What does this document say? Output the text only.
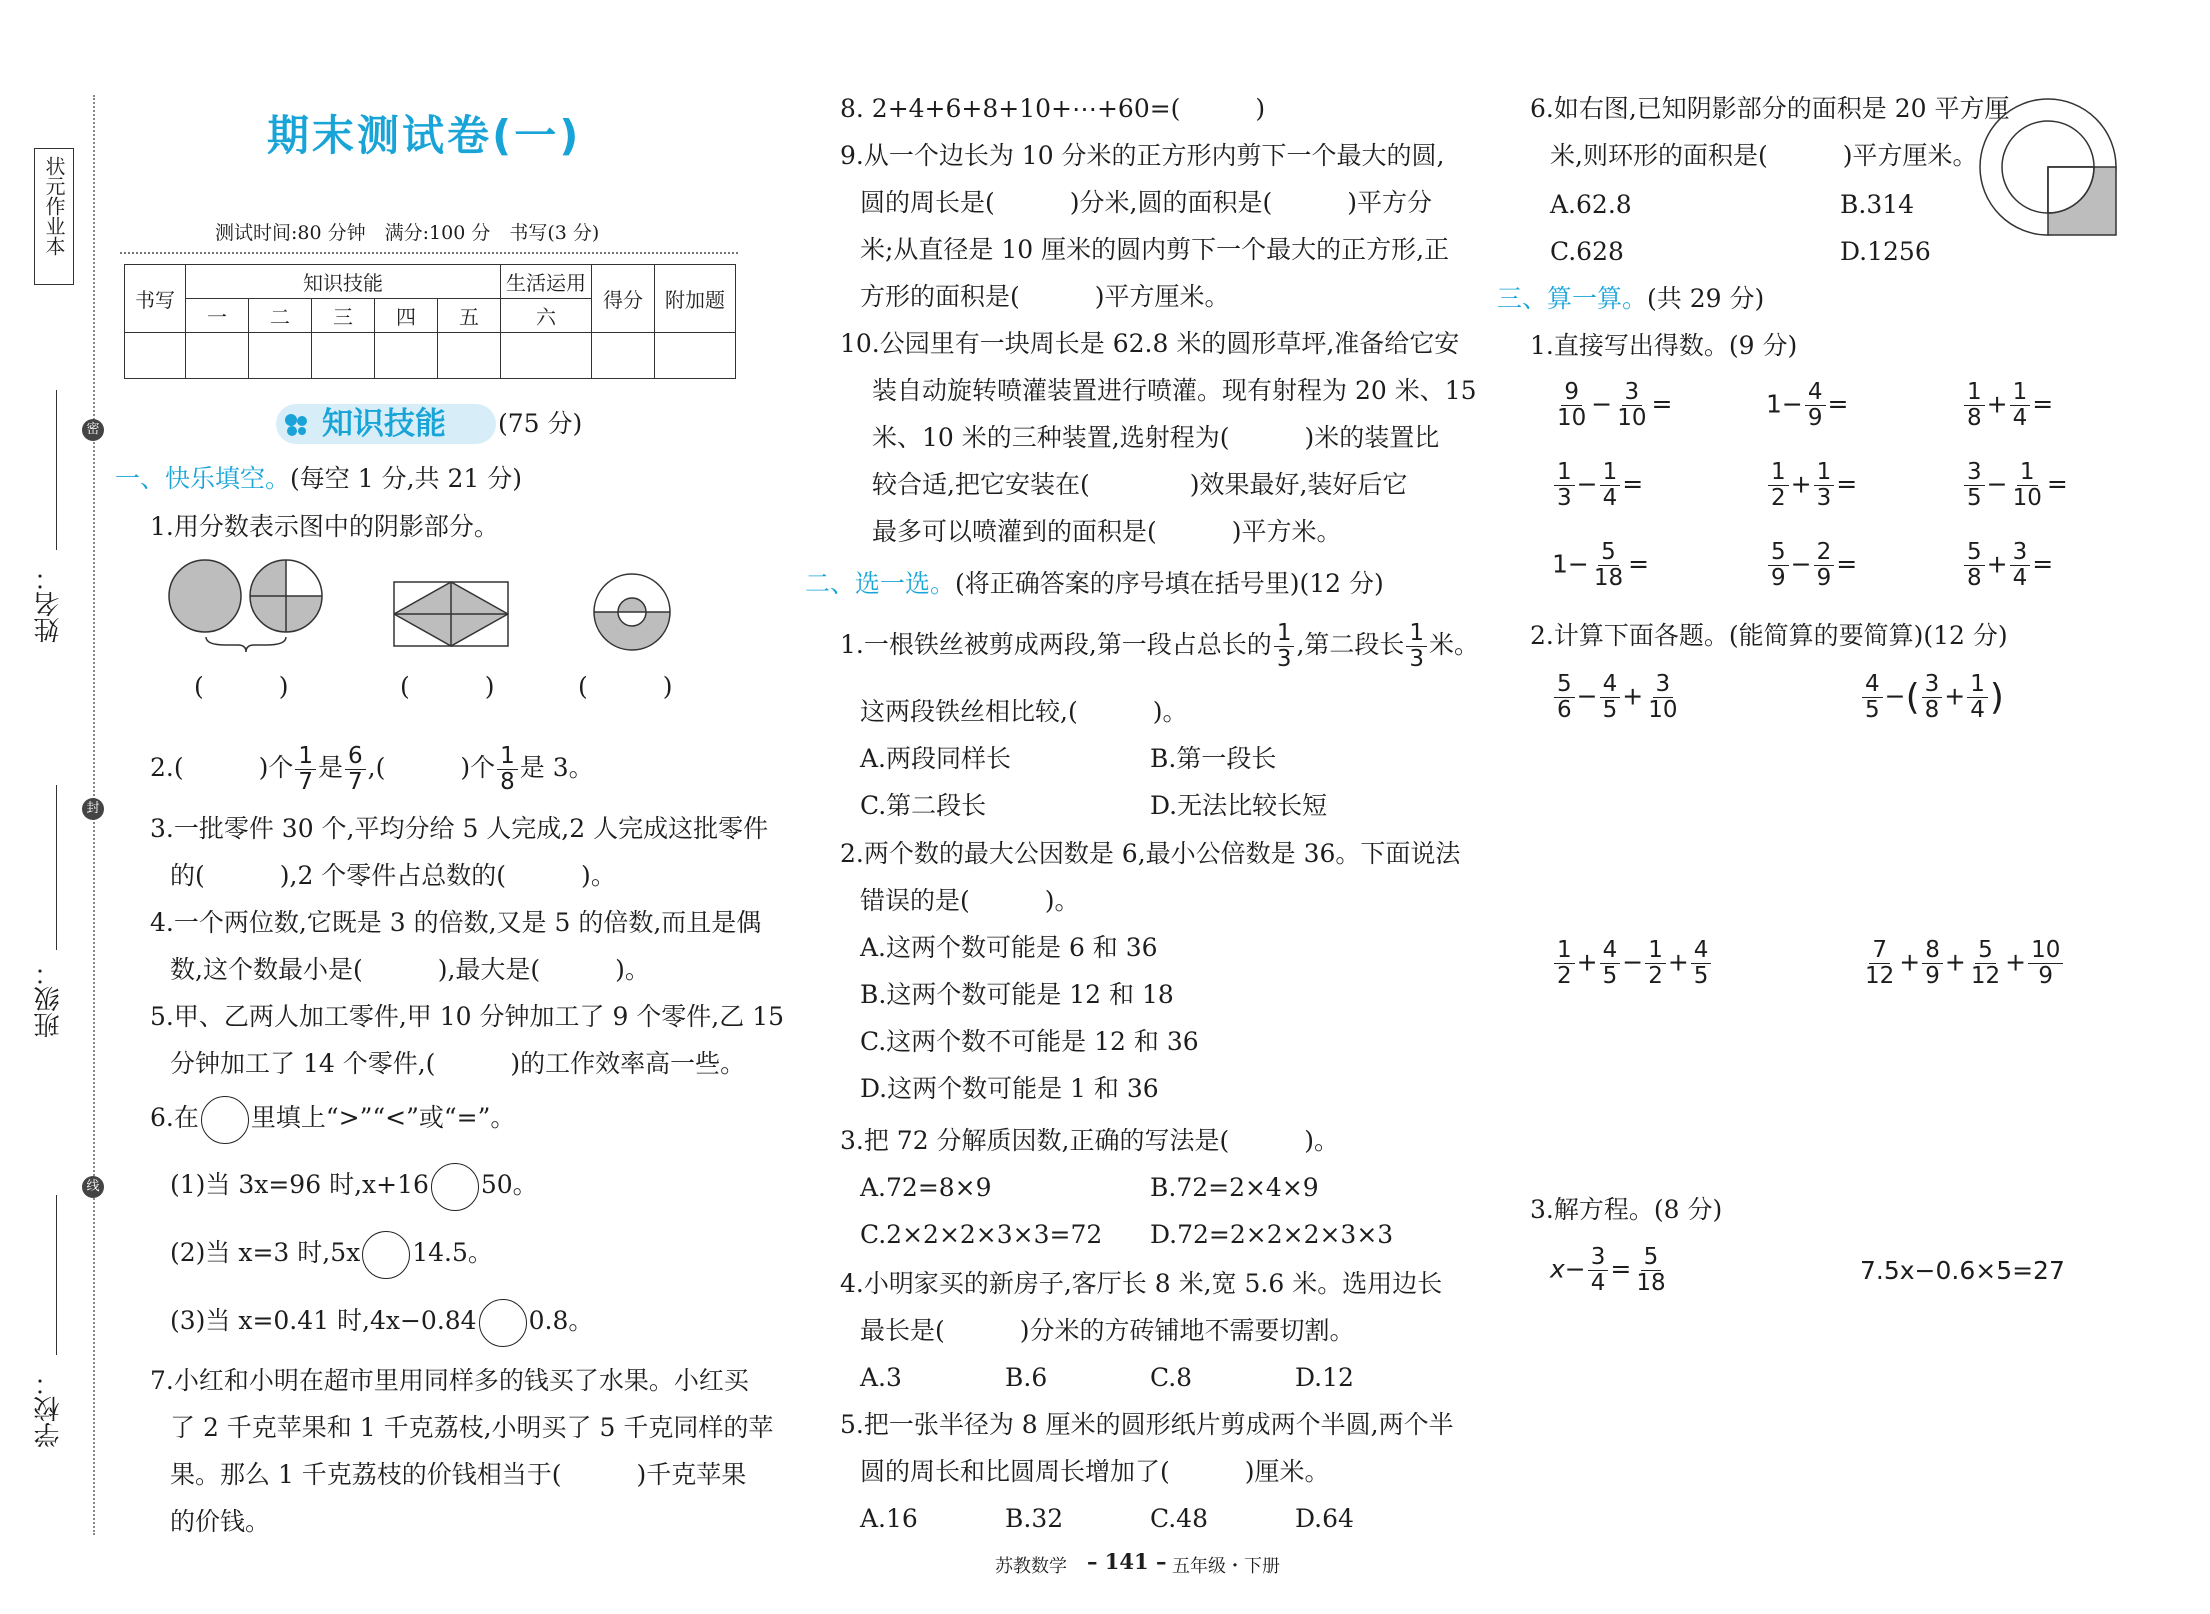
状元作业本
密
封
线
姓名：
班级：
学校：
期末测试卷(一)
测试时间:80 分钟　满分:100 分　书写(3 分)
书写	知识技能					生活运用	得分	附加题
	一	二	三	四	五	六		

知识技能 (75 分)
一、快乐填空。(每空 1 分,共 21 分)
1.用分数表示图中的阴影部分。
(　　　)	(　　　)	(　　　)
2.(　　　)个 $\frac{1}{7}$ 是 $\frac{6}{7}$ ,(　　　)个 $\frac{1}{8}$ 是 3。
3.一批零件 30 个,平均分给 5 人完成,2 人完成这批零件
的(　　　),2 个零件占总数的(　　　)。
4.一个两位数,它既是 3 的倍数,又是 5 的倍数,而且是偶
数,这个数最小是(　　　),最大是(　　　)。
5.甲、乙两人加工零件,甲 10 分钟加工了 9 个零件,乙 15
分钟加工了 14 个零件,(　　　)的工作效率高一些。
6.在 里填上“>”“<”或“=”。
(1)当 3x=96 时,x+16 50。
(2)当 x=3 时,5x 14.5。
(3)当 x=0.41 时,4x−0.84 0.8。
7.小红和小明在超市里用同样多的钱买了水果。小红买
了 2 千克苹果和 1 千克荔枝,小明买了 5 千克同样的苹
果。那么 1 千克荔枝的价钱相当于(　　　)千克苹果
的价钱。
8. 2+4+6+8+10+⋯+60=(　　　)
9.从一个边长为 10 分米的正方形内剪下一个最大的圆,
圆的周长是(　　　)分米,圆的面积是(　　　)平方分
米;从直径是 10 厘米的圆内剪下一个最大的正方形,正
方形的面积是(　　　)平方厘米。
10.公园里有一块周长是 62.8 米的圆形草坪,准备给它安
装自动旋转喷灌装置进行喷灌。现有射程为 20 米、15
米、10 米的三种装置,选射程为(　　　)米的装置比
较合适,把它安装在(　　　　)效果最好,装好后它
最多可以喷灌到的面积是(　　　)平方米。
二、选一选。(将正确答案的序号填在括号里)(12 分)
1.一根铁丝被剪成两段,第一段占总长的 $\frac{1}{3}$ ,第二段长 $\frac{1}{3}$ 米。
这两段铁丝相比较,(　　　)。
A.两段同样长	B.第一段长
C.第二段长	D.无法比较长短
2.两个数的最大公因数是 6,最小公倍数是 36。下面说法
错误的是(　　　)。
A.这两个数可能是 6 和 36
B.这两个数可能是 12 和 18
C.这两个数不可能是 12 和 36
D.这两个数可能是 1 和 36
3.把 72 分解质因数,正确的写法是(　　　)。
A.72=8×9	B.72=2×4×9
C.2×2×2×3×3=72 D.72=2×2×2×3×3
4.小明家买的新房子,客厅长 8 米,宽 5.6 米。选用边长
最长是(　　　)分米的方砖铺地不需要切割。
A.3	B.6	C.8	D.12
5.把一张半径为 8 厘米的圆形纸片剪成两个半圆,两个半
圆的周长和比圆周长增加了(　　　)厘米。
A.16	B.32	C.48	D.64
6.如右图,已知阴影部分的面积是 20 平方厘
米,则环形的面积是(　　　)平方厘米。
A.62.8	B.314
C.628	D.1256
三、算一算。(共 29 分)
1.直接写出得数。(9 分)
$\frac{9}{10} - \frac{3}{10}$ =	$1- \frac{4}{9}$ =	$\frac{1}{8} + \frac{1}{4}$ =
$\frac{1}{3} - \frac{1}{4}$ =	$\frac{1}{2} + \frac{1}{3}$ =	$\frac{3}{5} - \frac{1}{10}$ =
$1- \frac{5}{18}$ =	$\frac{5}{9} - \frac{2}{9}$ =	$\frac{5}{8} + \frac{3}{4}$ =
2.计算下面各题。(能简算的要简算)(12 分)
$\frac{5}{6} - \frac{4}{5} + \frac{3}{10}$	$\frac{4}{5}$ −( $\frac{3}{8} + \frac{1}{4}$ )
$\frac{1}{2} + \frac{4}{5} - \frac{1}{2} + \frac{4}{5}$	$\frac{7}{12} + \frac{8}{9} + \frac{5}{12} + \frac{10}{9}$
3.解方程。(8 分)
$x- \frac{3}{4} = \frac{5}{18}$	7.5x−0.6×5=27
苏教数学 – 141 – 五年级・下册
